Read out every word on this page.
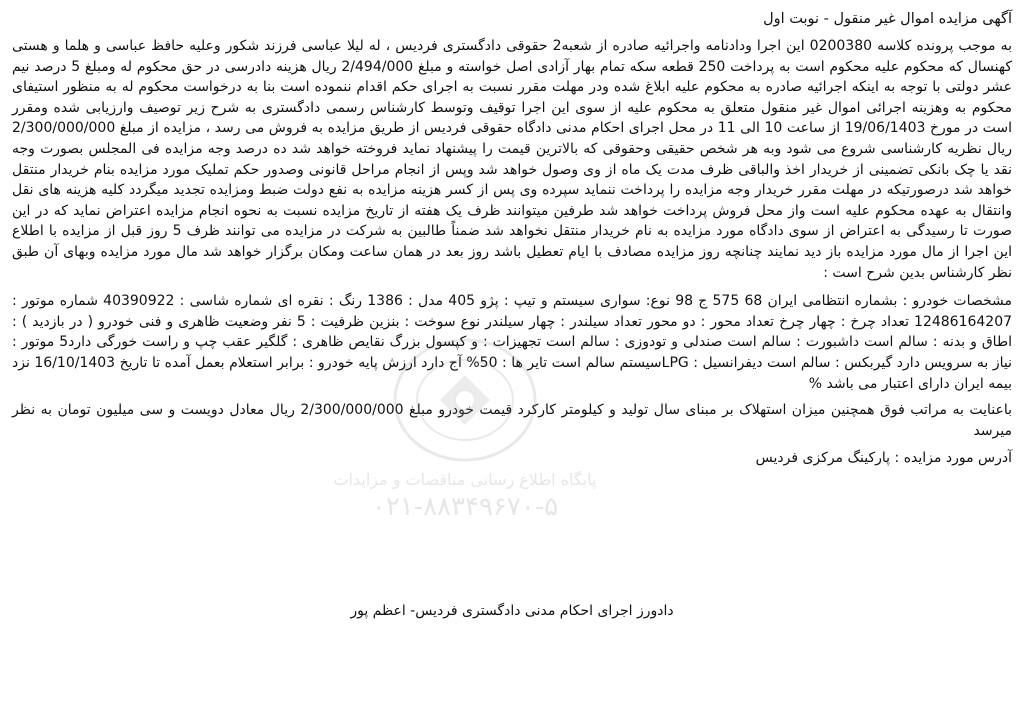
پایگاه اطلاع رسانی مناقصات و مزایدات
۰۲۱-۸۸۳۴۹۶۷۰-۵
آگهی مزایده اموال غیر منقول - نوبت اول

به موجب پرونده کلاسه 0200380 این اجرا ودادنامه واجرائیه صادره از شعبه2 حقوقی دادگستری فردیس ، له لیلا عباسی فرزند شکور وعلیه حافظ عباسی و هلما و هستی کهنسال که محکوم علیه محکوم است به پرداخت 250 قطعه سکه تمام بهار آزادی اصل خواسته و مبلغ 2/494/000 ریال هزینه دادرسی در حق محکوم له ومبلغ 5 درصد نیم عشر دولتی با توجه به اینکه اجرائیه صادره به محکوم علیه ابلاغ شده ودر مهلت مقرر نسبت به اجرای حکم اقدام ننموده است بنا به درخواست محکوم له به منظور استیفای محکوم به وهزینه اجرائی اموال غیر منقول متعلق به محکوم علیه از سوی این اجرا توقیف وتوسط کارشناس رسمی دادگستری به شرح زیر توصیف وارزیابی شده ومقرر است در مورخ 19/06/1403 از ساعت 10 الی 11 در محل اجرای احکام مدنی دادگاه حقوقی فردیس از طریق مزایده به فروش می رسد ، مزایده از مبلغ 2/300/000/000 ریال نظریه کارشناسی شروع می شود وبه هر شخص حقیقی وحقوقی که بالاترین قیمت را پیشنهاد نماید فروخته خواهد شد ده درصد وجه مزایده فی المجلس بصورت وجه نقد یا چک بانکی تضمینی از خریدار اخذ والباقی ظرف مدت یک ماه از وی وصول خواهد شد وپس از انجام مراحل قانونی وصدور حکم تملیک مورد مزایده بنام خریدار منتقل خواهد شد درصورتیکه در مهلت مقرر خریدار وجه مزایده را پرداخت ننماید سپرده وی پس از کسر هزینه مزایده به نفع دولت ضبط ومزایده تجدید میگردد کلیه هزینه های نقل وانتقال به عهده محکوم علیه است واز محل فروش پرداخت خواهد شد طرفین میتوانند ظرف یک هفته از تاریخ مزایده نسبت به نحوه انجام مزایده اعتراض نماید که در این صورت تا رسیدگی به اعتراض از سوی دادگاه مورد مزایده به نام خریدار منتقل نخواهد شد ضمناً طالبین به شرکت در مزایده می توانند ظرف 5 روز قبل از مزایده با اطلاع این اجرا از مال مورد مزایده باز دید نمایند چنانچه روز مزایده مصادف با ایام تعطیل باشد روز بعد در همان ساعت ومکان برگزار خواهد شد مال مورد مزایده وبهای آن طبق نظر کارشناس بدین شرح است :

مشخصات خودرو : بشماره انتظامی ایران 68 575 ج 98 نوع: سواری سیستم و تیپ : پژو 405 مدل : 1386 رنگ : نقره ای شماره شاسی : 40390922 شماره موتور : 12486164207 تعداد چرخ : چهار چرخ تعداد محور : دو محور تعداد سیلندر : چهار سیلندر نوع سوخت : بنزین ظرفیت : 5 نفر وضعیت ظاهری و فنی خودرو ( در بازدید ) : اطاق و بدنه : سالم است داشبورت : سالم است صندلی و تودوزی : سالم است تجهیزات : و کپسول بزرگ نقایص ظاهری : گلگیر عقب چپ و راست خورگی دارد5 موتور : نیاز به سرویس دارد گیربکس : سالم است دیفرانسیل : LPGسیستم سالم است تایر ها : 50% آج دارد ارزش پایه خودرو : برابر استعلام بعمل آمده تا تاریخ 16/10/1403 نزد بیمه ایران دارای اعتبار می باشد %

باعنایت به مراتب فوق همچنین میزان استهلاک بر مبنای سال تولید و کیلومتر کارکرد قیمت خودرو مبلغ 2/300/000/000 ریال معادل دویست و سی میلیون تومان به نظر میرسد

آدرس مورد مزایده : پارکینگ مرکزی فردیس

دادورز اجرای احکام مدنی دادگستری فردیس- اعظم پور
